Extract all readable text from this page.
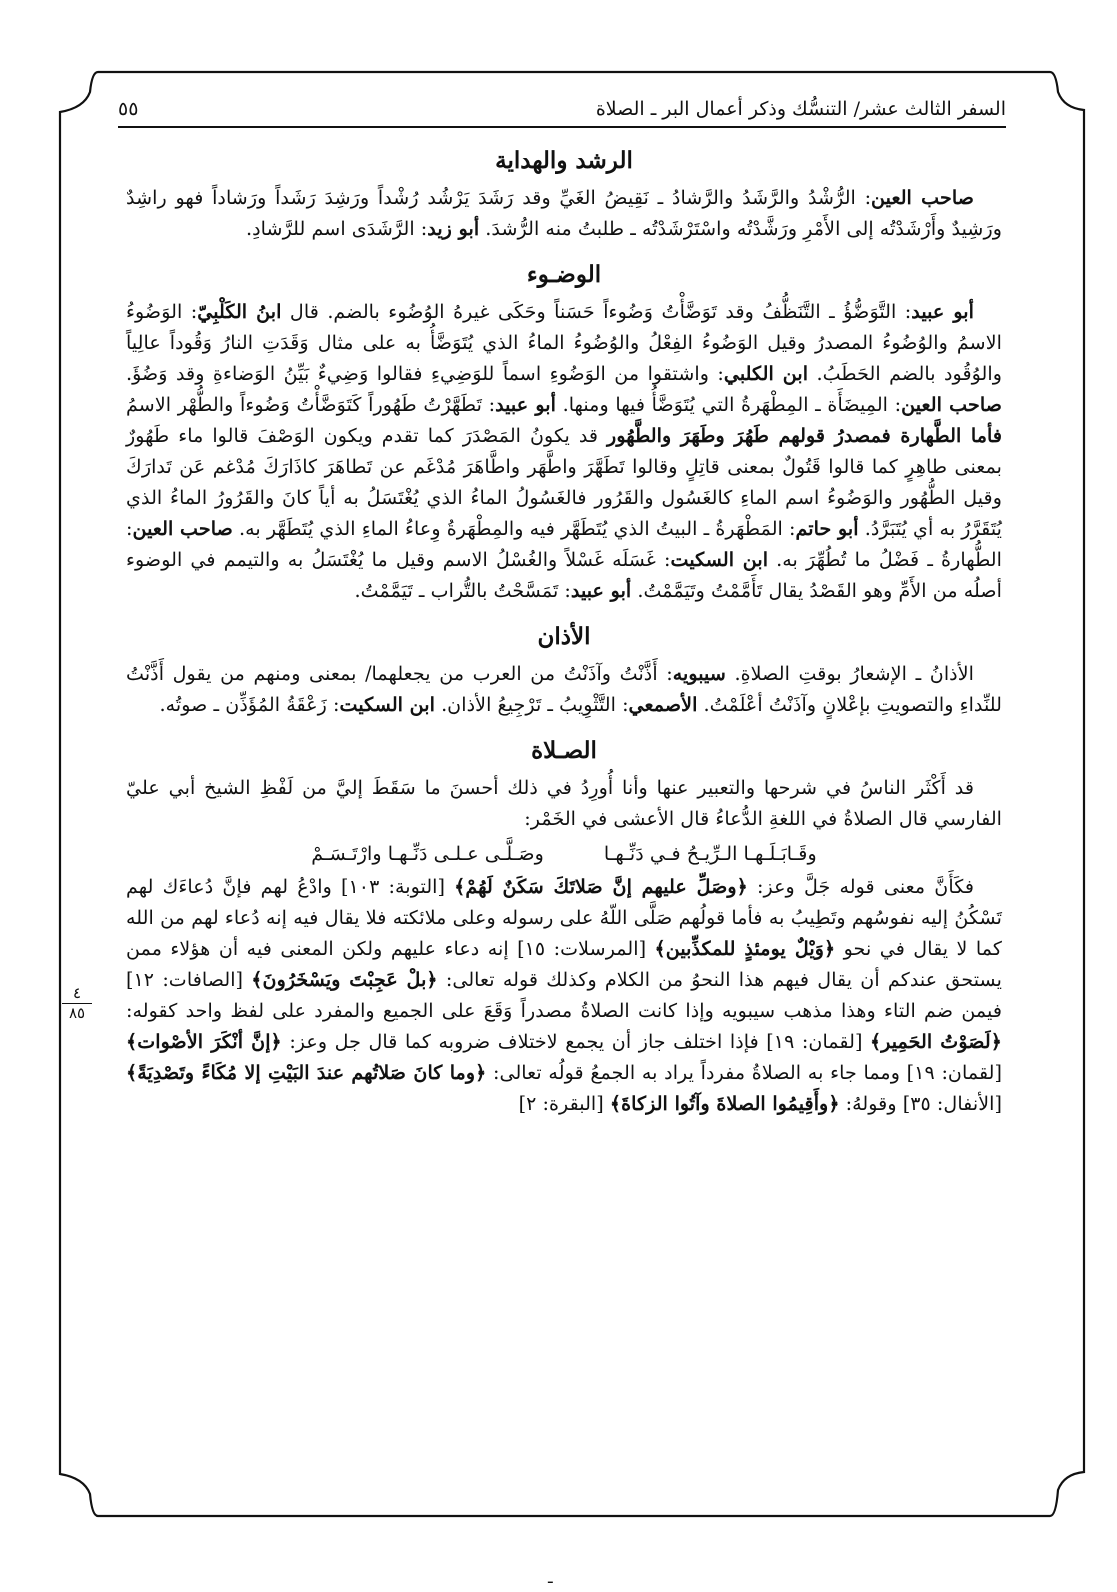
السفر الثالث عشر/ التنسُّك وذكر أعمال البر ـ الصلاة
٥٥
٤
٨٥
الرشد والهداية

صاحب العين: الرُّشْدُ والرَّشَدُ والرَّشادُ ـ نَقِيضُ الغَيِّ وقد رَشَدَ يَرْشُد رُشْداً ورَشِدَ رَشَداً ورَشاداً فهو راشِدٌ ورَشِيدٌ وأَرْشَدْتُه إلى الأَمْرِ ورَشَّدْتُه واسْتَرْشَدْتُه ـ طلبتُ منه الرُّشدَ. أبو زيد: الرَّشَدَى اسم للرَّشادِ.

الوضـوء

أبو عبيد: التَّوَضُّؤُ ـ التَّنَظُّفُ وقد تَوَضَّأْتُ وَضُوءاً حَسَناً وحَكَى غيرهُ الوُضُوء بالضم. قال ابنُ الكَلْبِيّ: الوَضُوءُ الاسمُ والوُضُوءُ المصدرُ وقيل الوَضُوءُ الفِعْلُ والوُضُوءُ الماءُ الذي يُتَوَضَّأُ به على مثال وَقَدَتِ النارُ وَقُوداً عالِياً والوُقُود بالضم الحَطَبُ. ابن الكلبي: واشتقوا من الوَضُوءِ اسماً للوَضِيءِ فقالوا وَضِيءٌ بَيِّنُ الوَضاءةِ وقد وَضُؤَ. صاحب العين: المِيضَأَة ـ المِطْهَرةُ التي يُتَوَضَّأُ فيها ومنها. أبو عبيد: تَطَهَّرْتُ طَهُوراً كَتَوَضَّأْتُ وَضُوءاً والطُّهْر الاسمُ فأما الطَّهارة فمصدرُ قولهم طَهُرَ وطَهَرَ والطَّهُور قد يكونُ المَصْدَرَ كما تقدم ويكون الوَصْفَ قالوا ماء طَهُورٌ بمعنى طاهِرٍ كما قالوا قَتُولٌ بمعنى قاتِلٍ وقالوا تَطَهَّرَ واطَّهَر واطَّاهَرَ مُدْغَم عن تَطاهَرَ كاذَارَكَ مُدْغم عَن تَدارَكَ وقيل الطُّهُور والوَضُوءُ اسم الماءِ كالغَسُول والقَرُور فالغَسُولُ الماءُ الذي يُغْتَسَلُ به أياً كانَ والقَرُورُ الماءُ الذي يُتَقَرَّرُ به أي يُتَبَرَّدُ. أبو حاتم: المَطْهَرةُ ـ البيتُ الذي يُتَطَهَّر فيه والمِطْهَرةُ وِعاءُ الماءِ الذي يُتَطَهَّر به. صاحب العين: الطُّهارةُ ـ فَضْلُ ما تُطُهِّرَ به. ابن السكيت: غَسَلَه غَسْلاً والغُسْلُ الاسم وقيل ما يُغْتَسَلُ به والتيمم في الوضوء أصلُه من الأَمِّ وهو القَصْدُ يقال تَأَمَّمْتُ وتَيَمَّمْتُ. أبو عبيد: تَمَسَّحْتُ بالتُّراب ـ تَيَمَّمْتُ.

الأذان

الأذانُ ـ الإشعارُ بوقتِ الصلاةِ. سيبويه: أَذَّنْتُ وآذَنْتُ من العرب من يجعلهما/ بمعنى ومنهم من يقول أَذَّنْتُ للنِّداءِ والتصويتِ بإعْلانٍ وآذَنْتُ أعْلَمْتُ. الأصمعي: التَّثْوِيبُ ـ تَرْجِيعُ الأذان. ابن السكيت: زَعْقَةُ المُؤَذِّن ـ صوتُه.

الصـلاة

قد أَكْثَر الناسُ في شرحها والتعبير عنها وأنا أُورِدُ في ذلك أحسنَ ما سَقَطَ إليَّ من لَفْظِ الشيخ أبي عليّ الفارسي قال الصلاةُ في اللغةِ الدُّعاءُ قال الأعشى في الخَمْر:

وقَـابَـلَـهـا الـرِّيـحُ فـي دَنِّـهـا
وصَـلَّـى عـلـى دَنِّـهـا وارْتَـسَـمْ

فكَأَنَّ معنى قوله جَلَّ وعز: ﴿وصَلِّ عليهم إنَّ صَلاتَكَ سَكَنٌ لَهُمْ﴾ [التوبة: ١٠٣] وادْعُ لهم فإنَّ دُعاءَك لهم تَسْكُنُ إليه نفوسُهم وتَطِيبُ به فأما قولُهم صَلَّى اللّهُ على رسوله وعلى ملائكته فلا يقال فيه إنه دُعاء لهم من الله كما لا يقال في نحو ﴿وَيْلٌ يومئذٍ للمكذِّبين﴾ [المرسلات: ١٥] إنه دعاء عليهم ولكن المعنى فيه أن هؤلاء ممن يستحق عندكم أن يقال فيهم هذا النحوُ من الكلام وكذلك قوله تعالى: ﴿بلْ عَجِبْتَ ويَسْخَرُونَ﴾ [الصافات: ١٢] فيمن ضم التاء وهذا مذهب سيبويه وإذا كانت الصلاةُ مصدراً وَقَعَ على الجميع والمفرد على لفظ واحد كقوله: ﴿لَصَوْتُ الحَمِير﴾ [لقمان: ١٩] فإذا اختلف جاز أن يجمع لاختلاف ضروبه كما قال جل وعز: ﴿إنَّ أنْكَرَ الأصْوات﴾ [لقمان: ١٩] ومما جاء به الصلاةُ مفرداً يراد به الجمعُ قولُه تعالى: ﴿وما كانَ صَلاتُهم عندَ البَيْتِ إلا مُكَاءً وتَصْدِيَةً﴾ [الأنفال: ٣٥] وقولهُ: ﴿وأَقِيمُوا الصلاةَ وآتُوا الزكاةَ﴾ [البقرة: ٢]

ـ
